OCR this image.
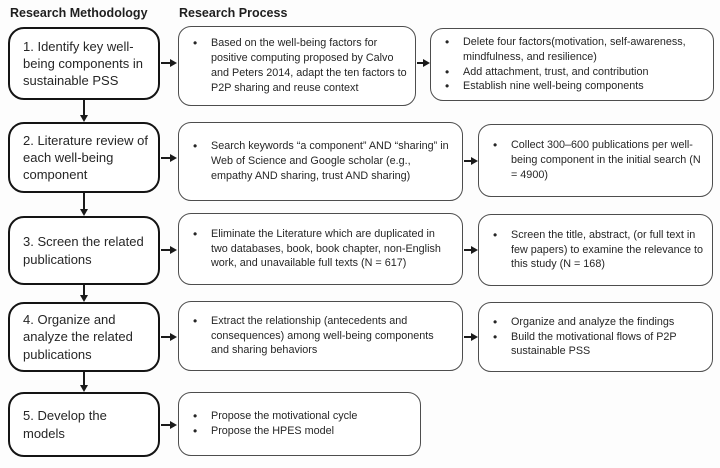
Research Methodology	Research Process
1. Identify key well-being components in sustainable PSS
2. Literature review of each well-being component
3. Screen the related publications
4. Organize and analyze the related publications
5. Develop the models
• Based on the well-being factors for positive computing proposed by Calvo and Peters 2014, adapt the ten factors to P2P sharing and reuse context
• Search keywords “a component” AND “sharing” in Web of Science and Google scholar (e.g., empathy AND sharing, trust AND sharing)
• Eliminate the Literature which are duplicated in two databases, book, book chapter, non-English work, and unavailable full texts (N = 617)
• Extract the relationship (antecedents and consequences) among well-being components and sharing behaviors
• Propose the motivational cycle
• Propose the HPES model
• Delete four factors(motivation, self-awareness, mindfulness, and resilience)
• Add attachment, trust, and contribution
• Establish nine well-being components
• Collect 300–600 publications per well-being component in the initial search (N = 4900)
• Screen the title, abstract, (or full text in few papers) to examine the relevance to this study (N = 168)
• Organize and analyze the findings
• Build the motivational flows of P2P sustainable PSS
